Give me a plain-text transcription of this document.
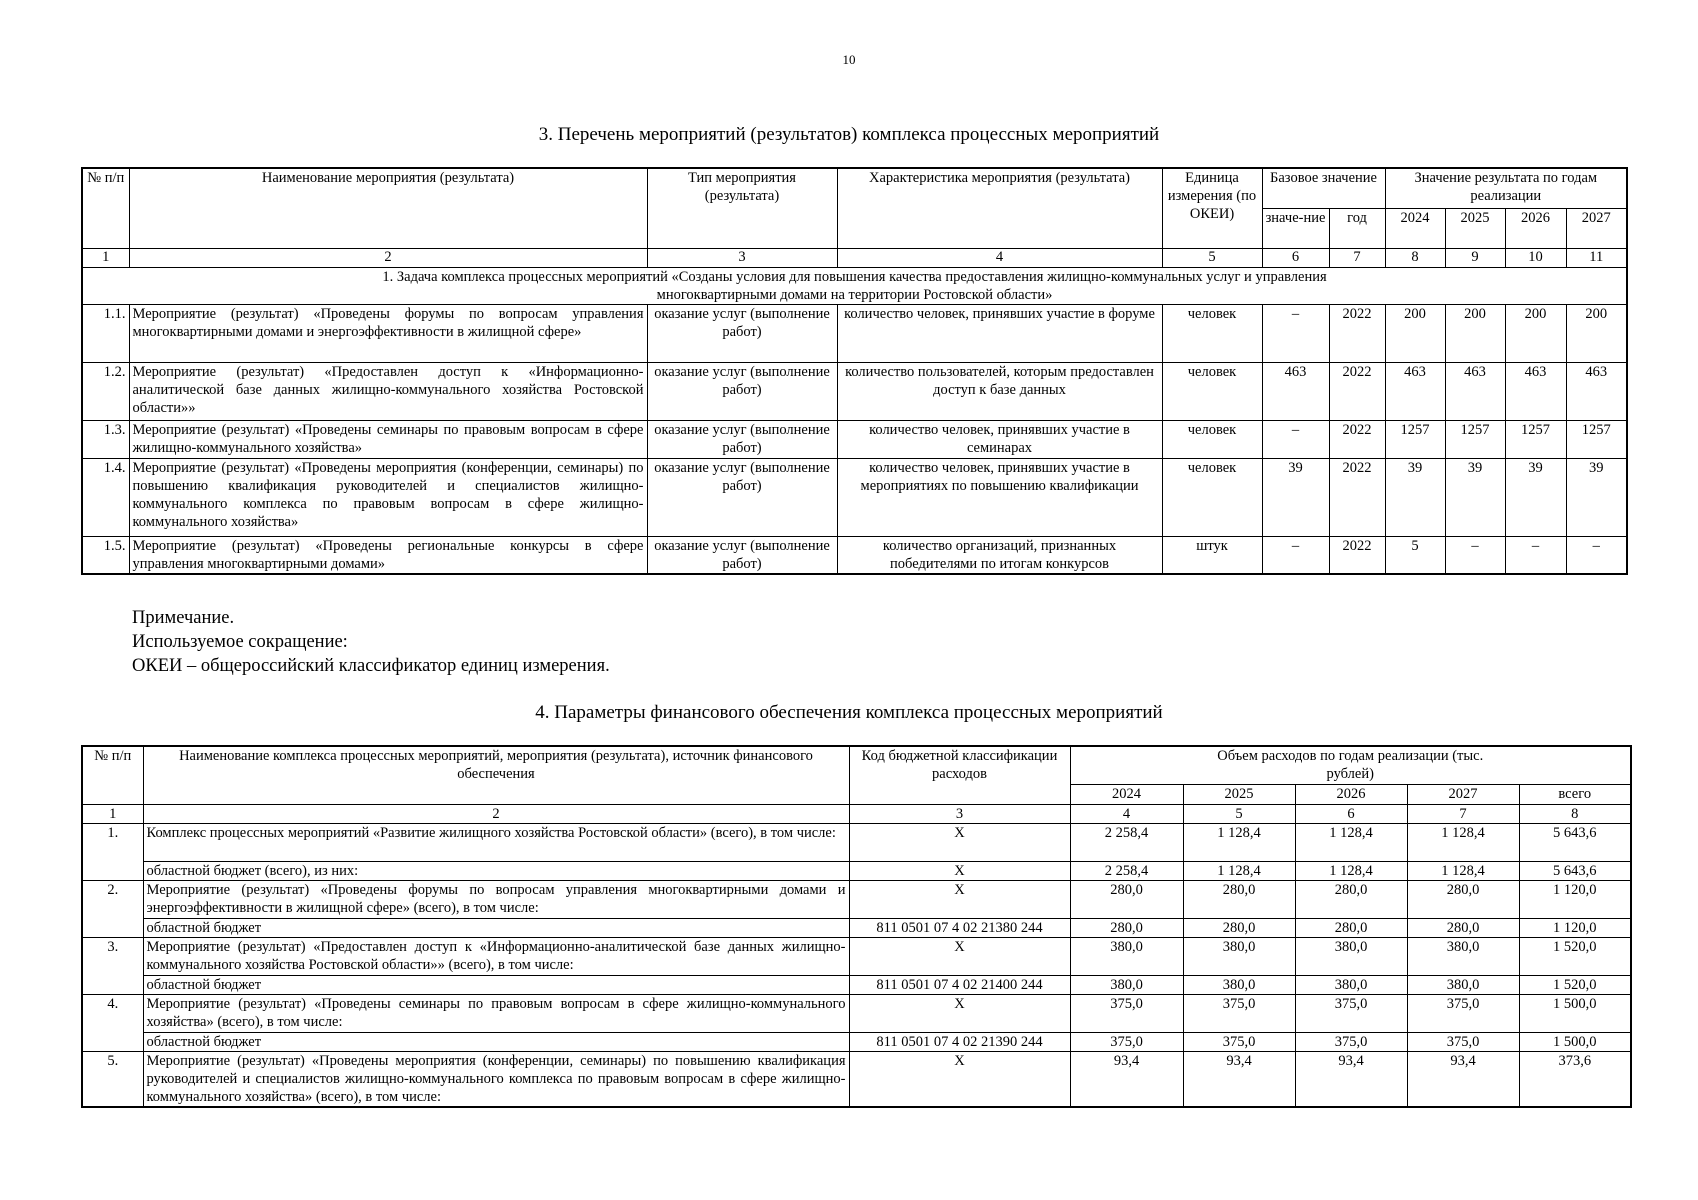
10
3. Перечень мероприятий (результатов) комплекса процессных мероприятий
№ п/п	Наименование мероприятия (результата)	Тип мероприятия (результата)	Характеристика мероприятия (результата)	Единица измерения (по ОКЕИ)	Базовое значение		Значение результата по годам реализации			

					значе-ние	год	2024	2025	2026	2027
1	2	3	4	5	6	7	8	9	10	11
1. Задача комплекса процессных мероприятий «Созданы условия для повышения качества предоставления жилищно-коммунальных услуг и управления многоквартирными домами на территории Ростовской области»										
1.1.	Мероприятие (результат) «Проведены форумы по вопросам управления многоквартирными домами и энергоэффективности в жилищной сфере»	оказание услуг (выполнение работ)	количество человек, принявших участие в форуме	человек	–	2022	200	200	200	200
1.2.	Мероприятие (результат) «Предоставлен доступ к «Информационно-аналитической базе данных жилищно-коммунального хозяйства Ростовской области»»	оказание услуг (выполнение работ)	количество пользователей, которым предоставлен доступ к базе данных	человек	463	2022	463	463	463	463
1.3.	Мероприятие (результат) «Проведены семинары по правовым вопросам в сфере жилищно-коммунального хозяйства»	оказание услуг (выполнение работ)	количество человек, принявших участие в семинарах	человек	–	2022	1257	1257	1257	1257
1.4.	Мероприятие (результат) «Проведены мероприятия (конференции, семинары) по повышению квалификация руководителей и специалистов жилищно-коммунального комплекса по правовым вопросам в сфере жилищно-коммунального хозяйства»	оказание услуг (выполнение работ)	количество человек, принявших участие в мероприятиях по повышению квалификации	человек	39	2022	39	39	39	39
1.5.	Мероприятие (результат) «Проведены региональные конкурсы в сфере управления многоквартирными домами»	оказание услуг (выполнение работ)	количество организаций, признанных победителями по итогам конкурсов	штук	–	2022	5	–	–	–
Примечание.
Используемое сокращение:
ОКЕИ – общероссийский классификатор единиц измерения.
4. Параметры финансового обеспечения комплекса процессных мероприятий
№ п/п	Наименование комплекса процессных мероприятий, мероприятия (результата), источник финансового обеспечения	Код бюджетной классификации расходов	Объем расходов по годам реализации (тыс. рублей)				
			2024	2025	2026	2027	всего
1	2	3	4	5	6	7	8
1.	Комплекс процессных мероприятий «Развитие жилищного хозяйства Ростовской области» (всего), в том числе:	X	2 258,4	1 128,4	1 128,4	1 128,4	5 643,6
	областной бюджет (всего), из них:	X	2 258,4	1 128,4	1 128,4	1 128,4	5 643,6
2.	Мероприятие (результат) «Проведены форумы по вопросам управления многоквартирными домами и энергоэффективности в жилищной сфере» (всего), в том числе:	X	280,0	280,0	280,0	280,0	1 120,0
	областной бюджет	811 0501 07 4 02 21380 244	280,0	280,0	280,0	280,0	1 120,0
3.	Мероприятие (результат) «Предоставлен доступ к «Информационно-аналитической базе данных жилищно-коммунального хозяйства Ростовской области»» (всего), в том числе:	X	380,0	380,0	380,0	380,0	1 520,0
	областной бюджет	811 0501 07 4 02 21400 244	380,0	380,0	380,0	380,0	1 520,0
4.	Мероприятие (результат) «Проведены семинары по правовым вопросам в сфере жилищно-коммунального хозяйства» (всего), в том числе:	X	375,0	375,0	375,0	375,0	1 500,0
	областной бюджет	811 0501 07 4 02 21390 244	375,0	375,0	375,0	375,0	1 500,0
5.	Мероприятие (результат) «Проведены мероприятия (конференции, семинары) по повышению квалификация руководителей и специалистов жилищно-коммунального комплекса по правовым вопросам в сфере жилищно-коммунального хозяйства» (всего), в том числе:	X	93,4	93,4	93,4	93,4	373,6
